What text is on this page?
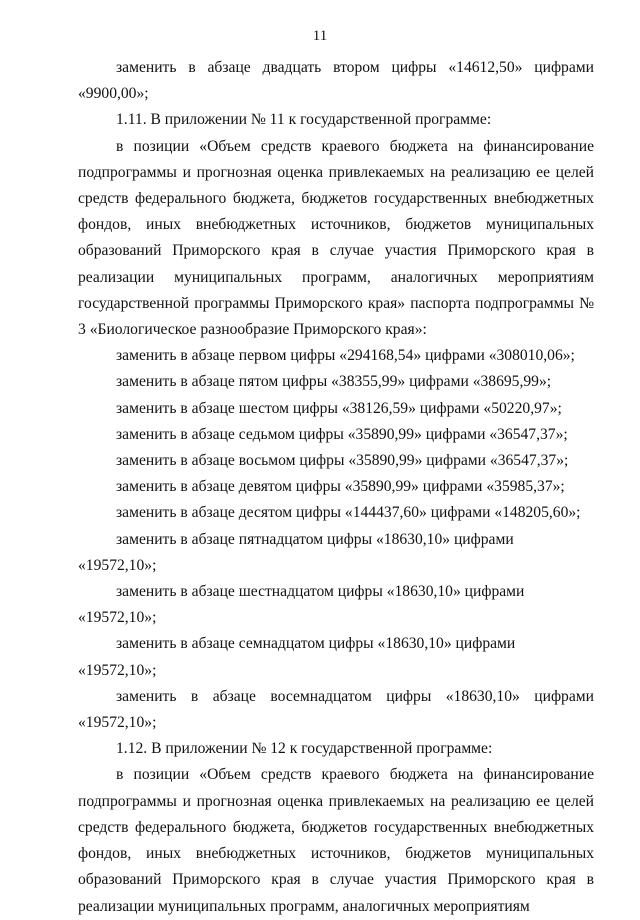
11

заменить в абзаце двадцать втором цифры «14612,50» цифрами «9900,00»;

1.11. В приложении № 11 к государственной программе:

в позиции «Объем средств краевого бюджета на финансирование подпрограммы и прогнозная оценка привлекаемых на реализацию ее целей средств федерального бюджета, бюджетов государственных внебюджетных фондов, иных внебюджетных источников, бюджетов муниципальных образований Приморского края в случае участия Приморского края в реализации муниципальных программ, аналогичных мероприятиям государственной программы Приморского края» паспорта подпрограммы № 3 «Биологическое разнообразие Приморского края»:

заменить в абзаце первом цифры «294168,54» цифрами «308010,06»;

заменить в абзаце пятом цифры «38355,99» цифрами «38695,99»;

заменить в абзаце шестом цифры «38126,59» цифрами «50220,97»;

заменить в абзаце седьмом цифры «35890,99» цифрами «36547,37»;

заменить в абзаце восьмом цифры «35890,99» цифрами «36547,37»;

заменить в абзаце девятом цифры «35890,99» цифрами «35985,37»;

заменить в абзаце десятом цифры «144437,60» цифрами «148205,60»;

заменить в абзаце пятнадцатом цифры «18630,10» цифрами «19572,10»;

заменить в абзаце шестнадцатом цифры «18630,10» цифрами «19572,10»;

заменить в абзаце семнадцатом цифры «18630,10» цифрами «19572,10»;

заменить в абзаце восемнадцатом цифры «18630,10» цифрами «19572,10»;

1.12. В приложении № 12 к государственной программе:

в позиции «Объем средств краевого бюджета на финансирование подпрограммы и прогнозная оценка привлекаемых на реализацию ее целей средств федерального бюджета, бюджетов государственных внебюджетных фондов, иных внебюджетных источников, бюджетов муниципальных образований Приморского края в случае участия Приморского края в реализации муниципальных программ, аналогичных мероприятиям
